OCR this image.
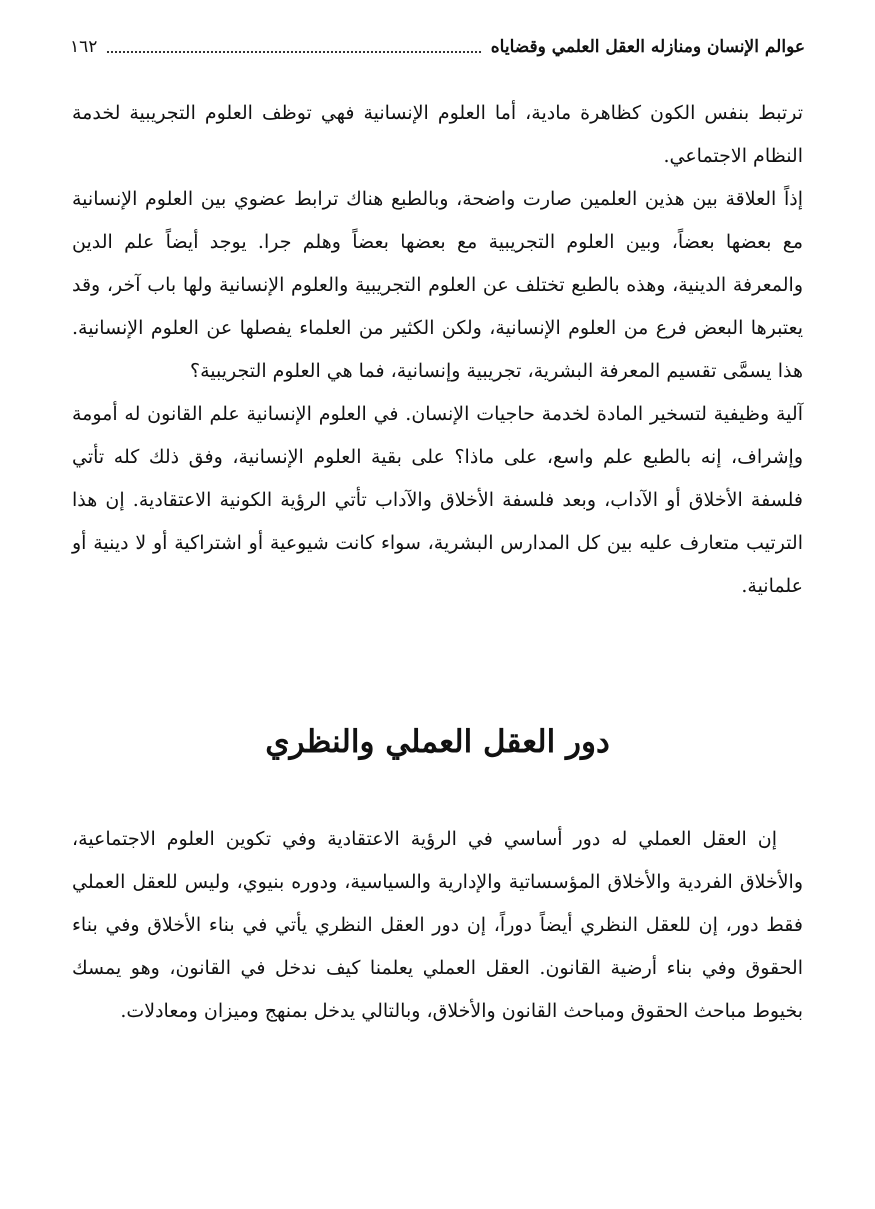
عوالم الإنسان ومنازله العقل العلمي وقضاياه
١٦٢

ترتبط بنفس الكون كظاهرة مادية، أما العلوم الإنسانية فهي توظف العلوم التجريبية لخدمة النظام الاجتماعي.

إذاً العلاقة بين هذين العلمين صارت واضحة، وبالطبع هناك ترابط عضوي بين العلوم الإنسانية مع بعضها بعضاً، وبين العلوم التجريبية مع بعضها بعضاً وهلم جرا. يوجد أيضاً علم الدين والمعرفة الدينية، وهذه بالطبع تختلف عن العلوم التجريبية والعلوم الإنسانية ولها باب آخر، وقد يعتبرها البعض فرع من العلوم الإنسانية، ولكن الكثير من العلماء يفصلها عن العلوم الإنسانية. هذا يسمَّى تقسيم المعرفة البشرية، تجريبية وإنسانية، فما هي العلوم التجريبية؟

آلية وظيفية لتسخير المادة لخدمة حاجيات الإنسان. في العلوم الإنسانية علم القانون له أمومة وإشراف، إنه بالطبع علم واسع، على ماذا؟ على بقية العلوم الإنسانية، وفق ذلك كله تأتي فلسفة الأخلاق أو الآداب، وبعد فلسفة الأخلاق والآداب تأتي الرؤية الكونية الاعتقادية. إن هذا الترتيب متعارف عليه بين كل المدارس البشرية، سواء كانت شيوعية أو اشتراكية أو لا دينية أو علمانية.

دور العقل العملي والنظري

إن العقل العملي له دور أساسي في الرؤية الاعتقادية وفي تكوين العلوم الاجتماعية، والأخلاق الفردية والأخلاق المؤسساتية والإدارية والسياسية، ودوره بنيوي، وليس للعقل العملي فقط دور، إن للعقل النظري أيضاً دوراً، إن دور العقل النظري يأتي في بناء الأخلاق وفي بناء الحقوق وفي بناء أرضية القانون. العقل العملي يعلمنا كيف ندخل في القانون، وهو يمسك بخيوط مباحث الحقوق ومباحث القانون والأخلاق، وبالتالي يدخل بمنهج وميزان ومعادلات.
